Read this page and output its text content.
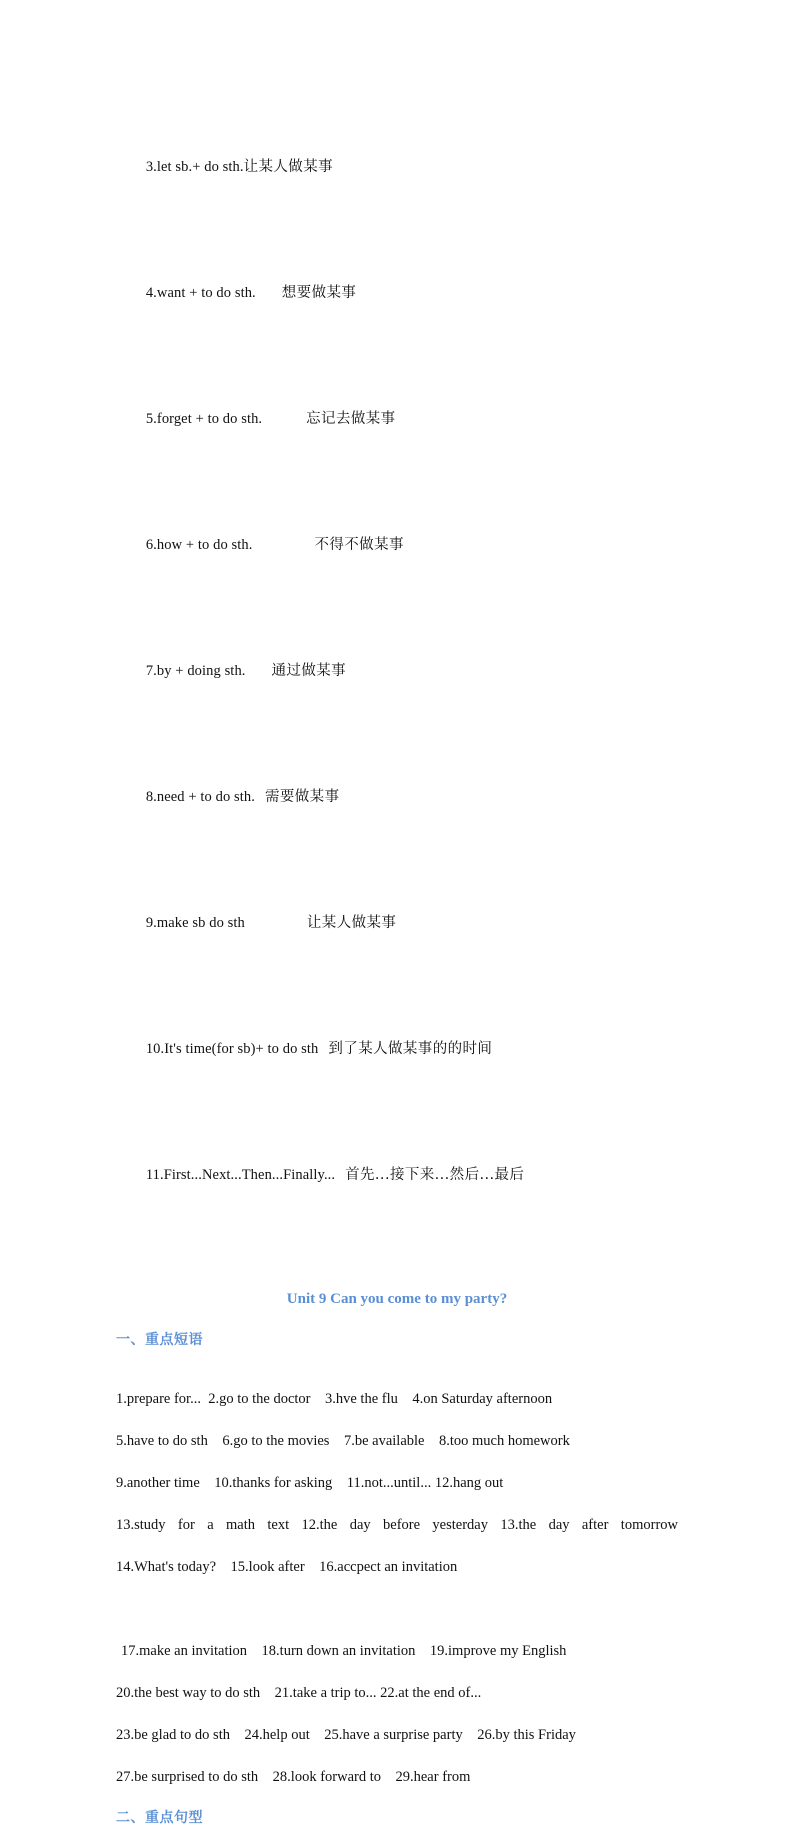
3.let sb.+ do sth.让某人做某事

4.want + to do sth. 想要做某事

5.forget + to do sth.	忘记去做某事

6.how + to do sth.	不得不做某事

7.by + doing sth. 通过做某事

8.need + to do sth. 需要做某事

9.make sb do sth	让某人做某事

10.It's time(for sb)+ to do sth 到了某人做某事的的时间

11.First...Next...Then...Finally... 首先...接下来...然后...最后

Unit 9 Can you come to my party?
一、重点短语
1.prepare for...  2.go to the doctor    3.hve the flu    4.on Saturday afternoon
5.have to do sth    6.go to the movies    7.be available    8.too much homework
9.another time    10.thanks for asking    11.not...until... 12.hang out
13.study for a math text 12.the day before yesterday 13.the day after tomorrow
14.What's today?    15.look after    16.accpect an invitation
17.make an invitation    18.turn down an invitation    19.improve my English
20.the best way to do sth    21.take a trip to... 22.at the end of...
23.be glad to do sth    24.help out    25.have a surprise party    26.by this Friday
27.be surprised to do sth    28.look forward to    29.hear from
二、重点句型
